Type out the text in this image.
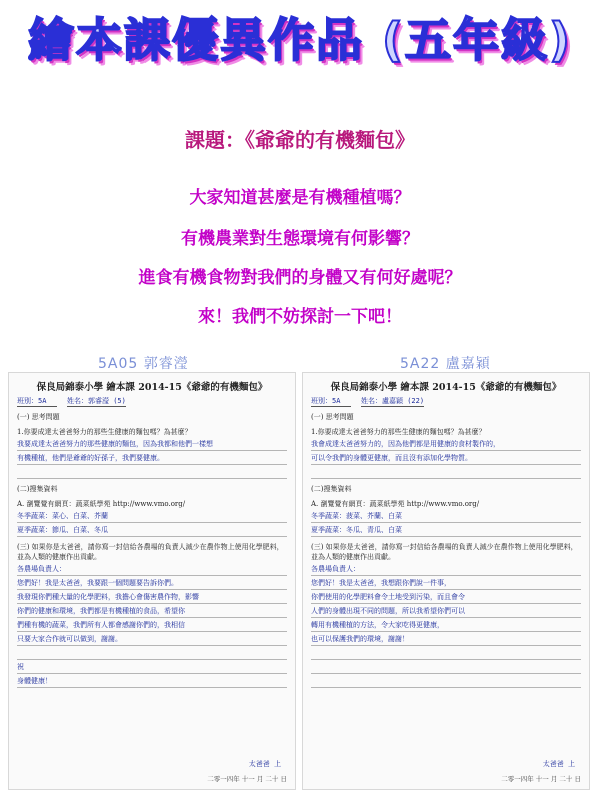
繪本課優異作品 (五年級)
課題：《爺爺的有機麵包》
大家知道甚麼是有機種植嗎？
有機農業對生態環境有何影響？
進食有機食物對我們的身體又有何好處呢？
來！我們不妨探討一下吧！
5A05 郭睿瀅	5A22 盧嘉穎
保良局錦泰小學 繪本課 2014-15《爺爺的有機麵包》
班別：5A	姓名：郭睿瀅 (5)
(一) 思考問題
1.你要成達太爸爸努力的那些生健康的麵包嗎？為甚麼？
我要成達太爸爸努力的那些健康的麵包，因為我都和他們一樣想
有機種植，他們是爺爺的好孫子，我們要健康。
(二)搜集資料
A. 瀏覽覺有網頁：蔬菜紙學苑 http://www.vmo.org/
冬季蔬菜：菜心、白菜、芥蘭
夏季蔬菜：節瓜、白菜、冬瓜
(三) 如果你是太爸爸，請你寫一封信給各農場的負責人減少在農作物上使用化學肥料，並為人類的健康作出貢獻。
各農場負責人：
您們好！我是太爸爸，我要跟一個問題要告訴你們。
我發現你們種大量的化學肥料，我擔心會傷害農作物，影響
你們的健康和環境，我們都是有機種植的食品，希望你
們種有機的蔬菜，我們所有人都會感謝你們的，我相信
只要大家合作就可以做到，謝謝。
祝
身體健康！
太爸爸 上
二零一四年 十一 月 二十 日
保良局錦泰小學 繪本課 2014-15《爺爺的有機麵包》
班別：5A	姓名：盧嘉穎 (22)
(一) 思考問題
1.你要成達太爸爸努力的那些生健康的麵包嗎？為甚麼？
我會成達太爸爸努力的，因為他們都是用健康的食材製作的，
可以令我們的身體更健康，而且沒有添加化學物質。
(二)搜集資料
A. 瀏覽覺有網頁：蔬菜紙學苑 http://www.vmo.org/
冬季蔬菜：菠菜、芥蘭、白菜
夏季蔬菜：冬瓜、青瓜、白菜
(三) 如果你是太爸爸，請你寫一封信給各農場的負責人減少在農作物上使用化學肥料，並為人類的健康作出貢獻。
各農場負責人：
您們好！我是太爸爸，我想跟你們說一件事，
你們使用的化學肥料會令土地受到污染，而且會令
人們的身體出現不同的問題，所以我希望你們可以
轉用有機種植的方法，令大家吃得更健康，
也可以保護我們的環境，謝謝！
太爸爸 上
二零一四年 十一 月 二十 日
